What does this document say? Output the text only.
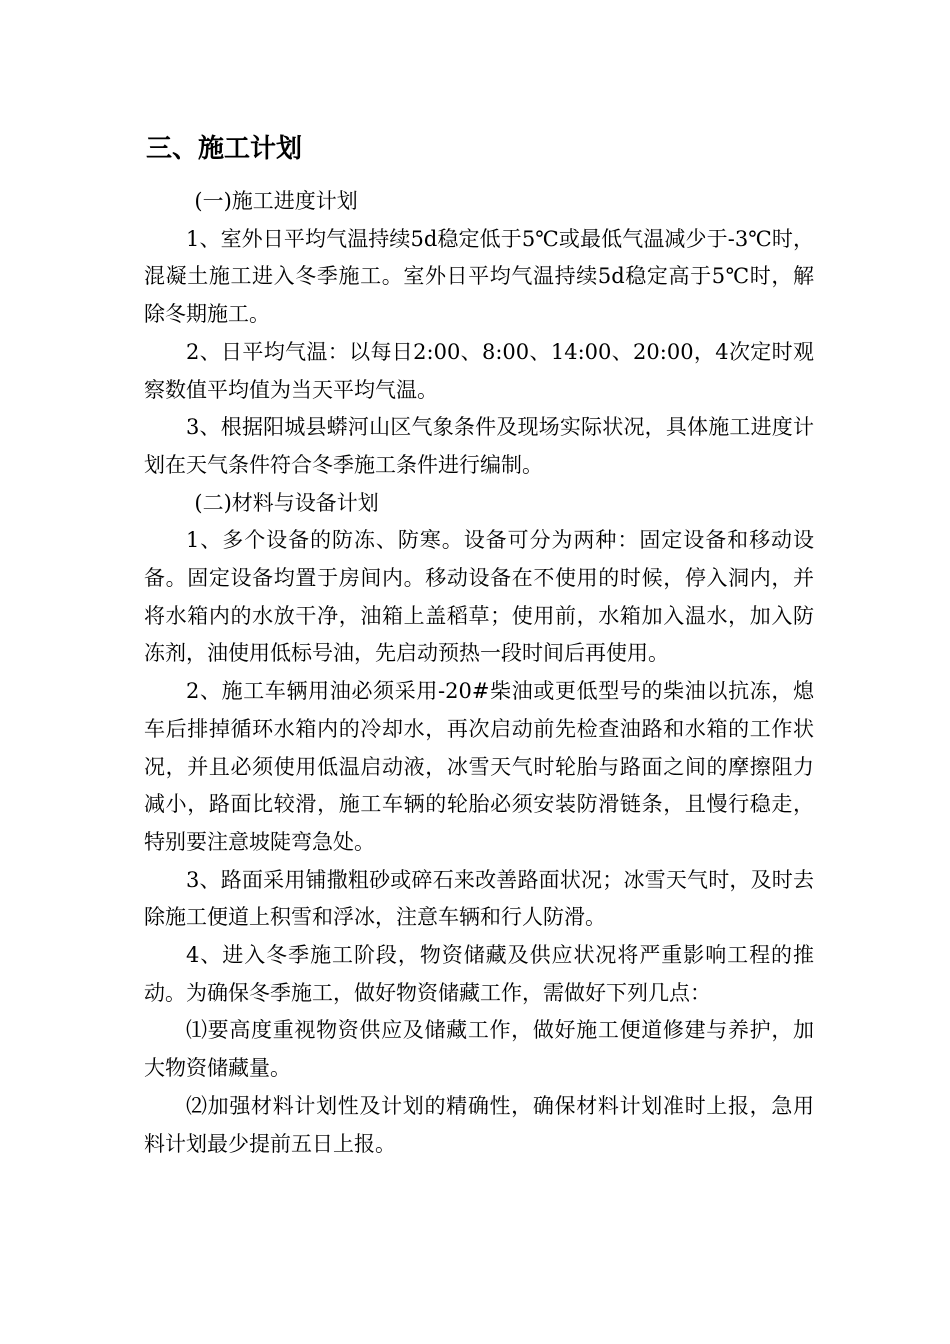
三、施工计划

(一)施工进度计划

1、室外日平均气温持续5d稳定低于5℃或最低气温减少于-3℃时，混凝土施工进入冬季施工。室外日平均气温持续5d稳定高于5℃时，解除冬期施工。

2、日平均气温：以每日2:00、8:00、14:00、20:00，4次定时观察数值平均值为当天平均气温。

3、根据阳城县蟒河山区气象条件及现场实际状况，具体施工进度计划在天气条件符合冬季施工条件进行编制。

(二)材料与设备计划

1、多个设备的防冻、防寒。设备可分为两种：固定设备和移动设备。固定设备均置于房间内。移动设备在不使用的时候，停入洞内，并将水箱内的水放干净，油箱上盖稻草；使用前，水箱加入温水，加入防冻剂，油使用低标号油，先启动预热一段时间后再使用。

2、施工车辆用油必须采用-20#柴油或更低型号的柴油以抗冻，熄车后排掉循环水箱内的冷却水，再次启动前先检查油路和水箱的工作状况，并且必须使用低温启动液，冰雪天气时轮胎与路面之间的摩擦阻力减小，路面比较滑，施工车辆的轮胎必须安装防滑链条，且慢行稳走，特别要注意坡陡弯急处。

3、路面采用铺撒粗砂或碎石来改善路面状况；冰雪天气时，及时去除施工便道上积雪和浮冰，注意车辆和行人防滑。

4、进入冬季施工阶段，物资储藏及供应状况将严重影响工程的推动。为确保冬季施工，做好物资储藏工作，需做好下列几点：

⑴要高度重视物资供应及储藏工作，做好施工便道修建与养护，加大物资储藏量。

⑵加强材料计划性及计划的精确性，确保材料计划准时上报，急用料计划最少提前五日上报。
